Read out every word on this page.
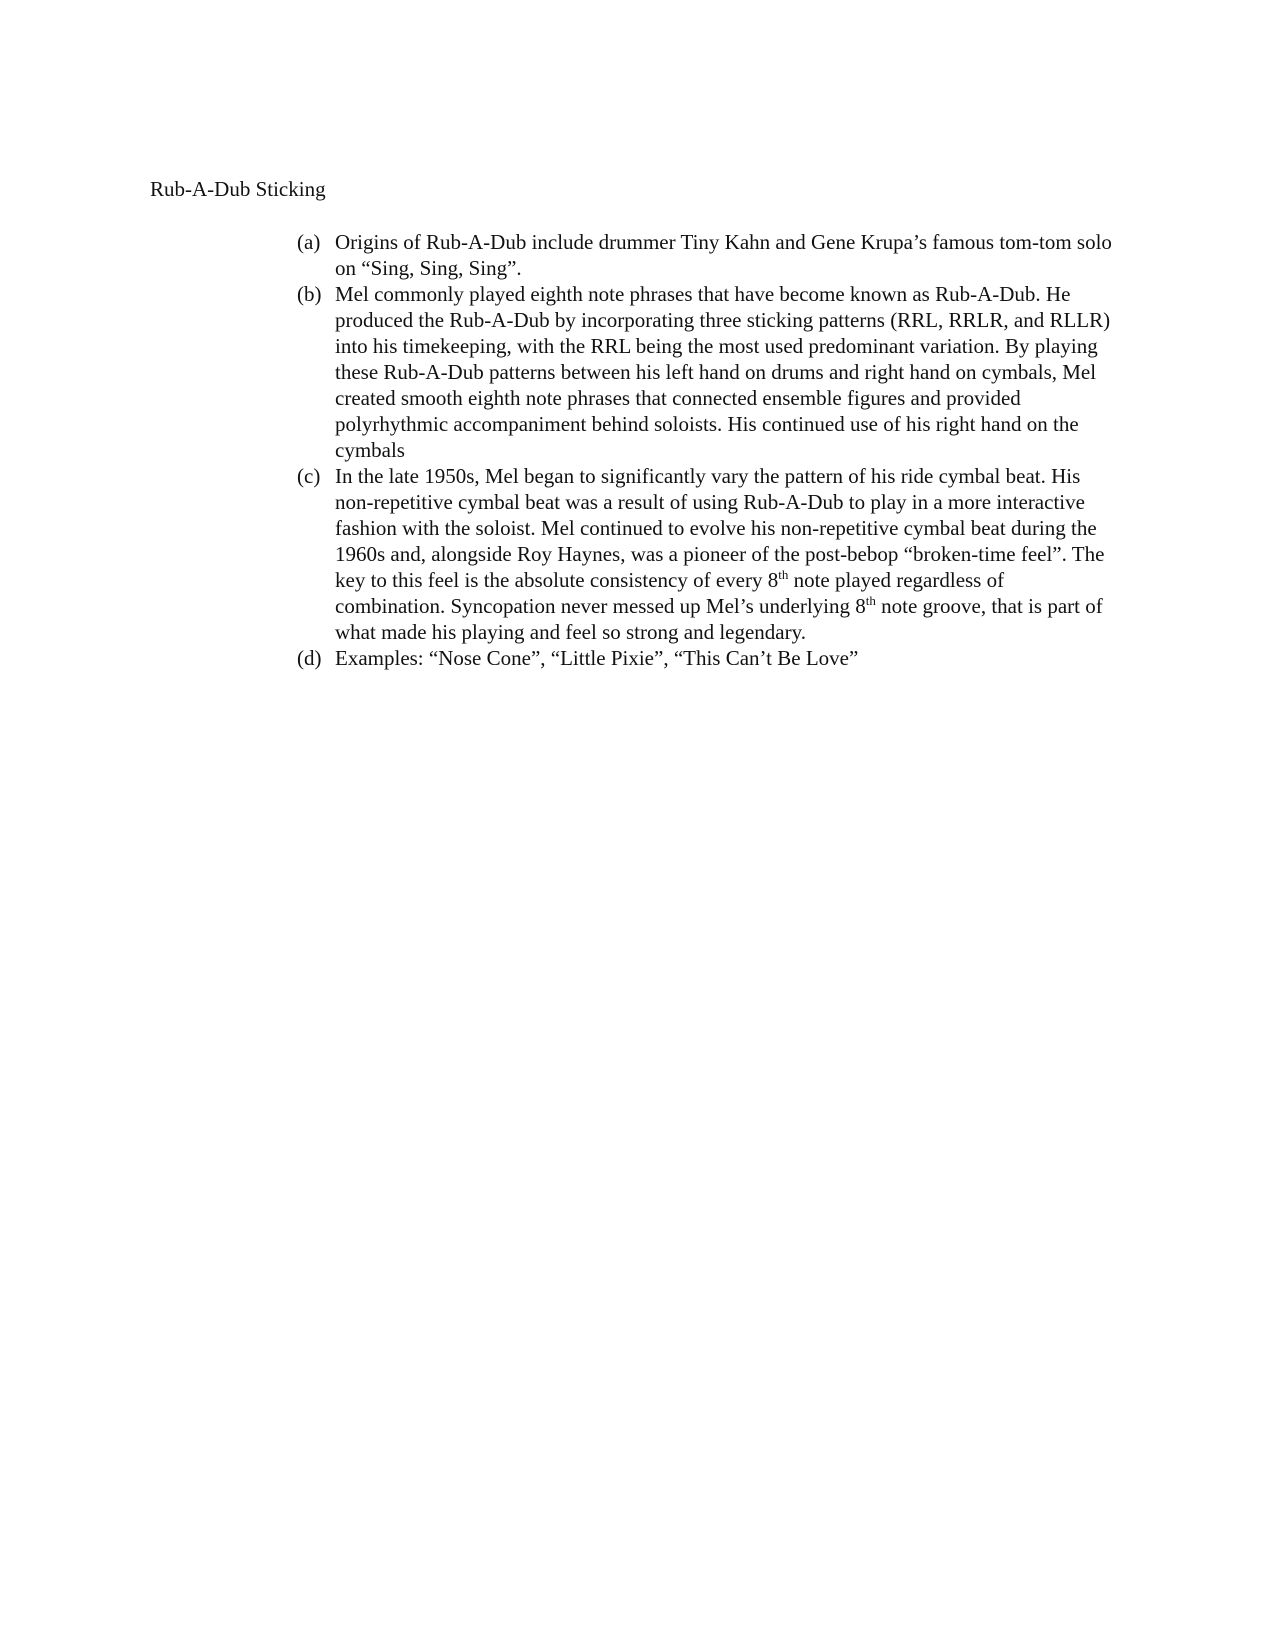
Rub-A-Dub Sticking
(a) Origins of Rub-A-Dub include drummer Tiny Kahn and Gene Krupa’s famous tom-tom solo on “Sing, Sing, Sing”.
(b) Mel commonly played eighth note phrases that have become known as Rub-A-Dub. He produced the Rub-A-Dub by incorporating three sticking patterns (RRL, RRLR, and RLLR) into his timekeeping, with the RRL being the most used predominant variation. By playing these Rub-A-Dub patterns between his left hand on drums and right hand on cymbals, Mel created smooth eighth note phrases that connected ensemble figures and provided polyrhythmic accompaniment behind soloists. His continued use of his right hand on the cymbals
(c) In the late 1950s, Mel began to significantly vary the pattern of his ride cymbal beat. His non-repetitive cymbal beat was a result of using Rub-A-Dub to play in a more interactive fashion with the soloist. Mel continued to evolve his non-repetitive cymbal beat during the 1960s and, alongside Roy Haynes, was a pioneer of the post-bebop “broken-time feel”. The key to this feel is the absolute consistency of every 8th note played regardless of combination. Syncopation never messed up Mel’s underlying 8th note groove, that is part of what made his playing and feel so strong and legendary.
(d) Examples: “Nose Cone”, “Little Pixie”, “This Can’t Be Love”
